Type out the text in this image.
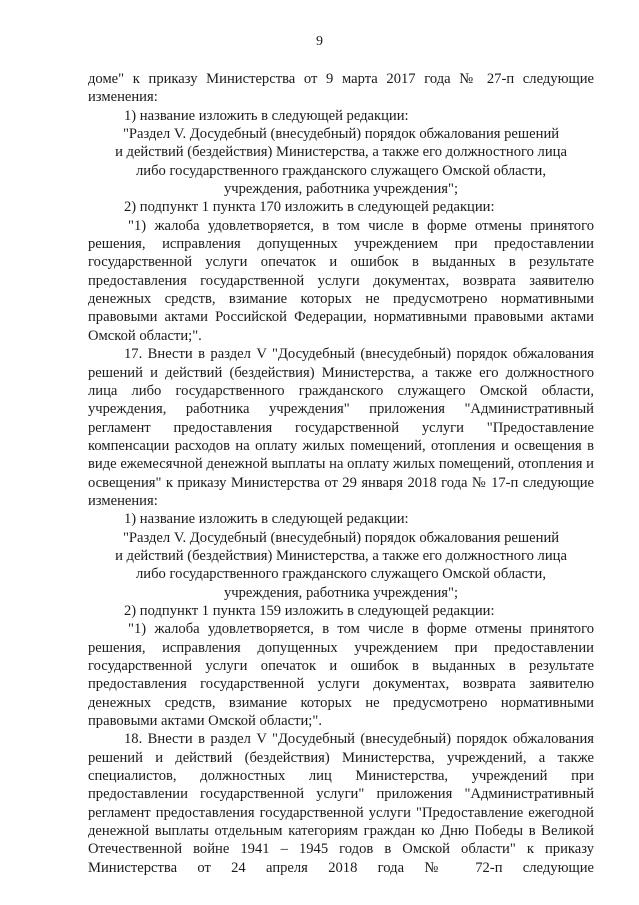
9

доме" к приказу Министерства от 9 марта 2017 года № 27-п следующие изменения:

1) название изложить в следующей редакции:

"Раздел V. Досудебный (внесудебный) порядок обжалования решений

и действий (бездействия) Министерства, а также его должностного лица

либо государственного гражданского служащего Омской области,

учреждения, работника учреждения";

2) подпункт 1 пункта 170 изложить в следующей редакции:

"1) жалоба удовлетворяется, в том числе в форме отмены принятого решения, исправления допущенных учреждением при предоставлении государственной услуги опечаток и ошибок в выданных в результате предоставления государственной услуги документах, возврата заявителю денежных средств, взимание которых не предусмотрено нормативными правовыми актами Российской Федерации, нормативными правовыми актами Омской области;".

17. Внести в раздел V "Досудебный (внесудебный) порядок обжалования решений и действий (бездействия) Министерства, а также его должностного лица либо государственного гражданского служащего Омской области, учреждения, работника учреждения" приложения "Административный регламент предоставления государственной услуги "Предоставление компенсации расходов на оплату жилых помещений, отопления и освещения в виде ежемесячной денежной выплаты на оплату жилых помещений, отопления и освещения" к приказу Министерства от 29 января 2018 года № 17-п следующие изменения:

1) название изложить в следующей редакции:

"Раздел V. Досудебный (внесудебный) порядок обжалования решений

и действий (бездействия) Министерства, а также его должностного лица

либо государственного гражданского служащего Омской области,

учреждения, работника учреждения";

2) подпункт 1 пункта 159 изложить в следующей редакции:

"1) жалоба удовлетворяется, в том числе в форме отмены принятого решения, исправления допущенных учреждением при предоставлении государственной услуги опечаток и ошибок в выданных в результате предоставления государственной услуги документах, возврата заявителю денежных средств, взимание которых не предусмотрено нормативными правовыми актами Омской области;".

18. Внести в раздел V "Досудебный (внесудебный) порядок обжалования решений и действий (бездействия) Министерства, учреждений, а также специалистов, должностных лиц Министерства, учреждений при предоставлении государственной услуги" приложения "Административный регламент предоставления государственной услуги "Предоставление ежегодной денежной выплаты отдельным категориям граждан ко Дню Победы в Великой Отечественной войне 1941 – 1945 годов в Омской области" к приказу Министерства от 24 апреля 2018 года № 72-п следующие
